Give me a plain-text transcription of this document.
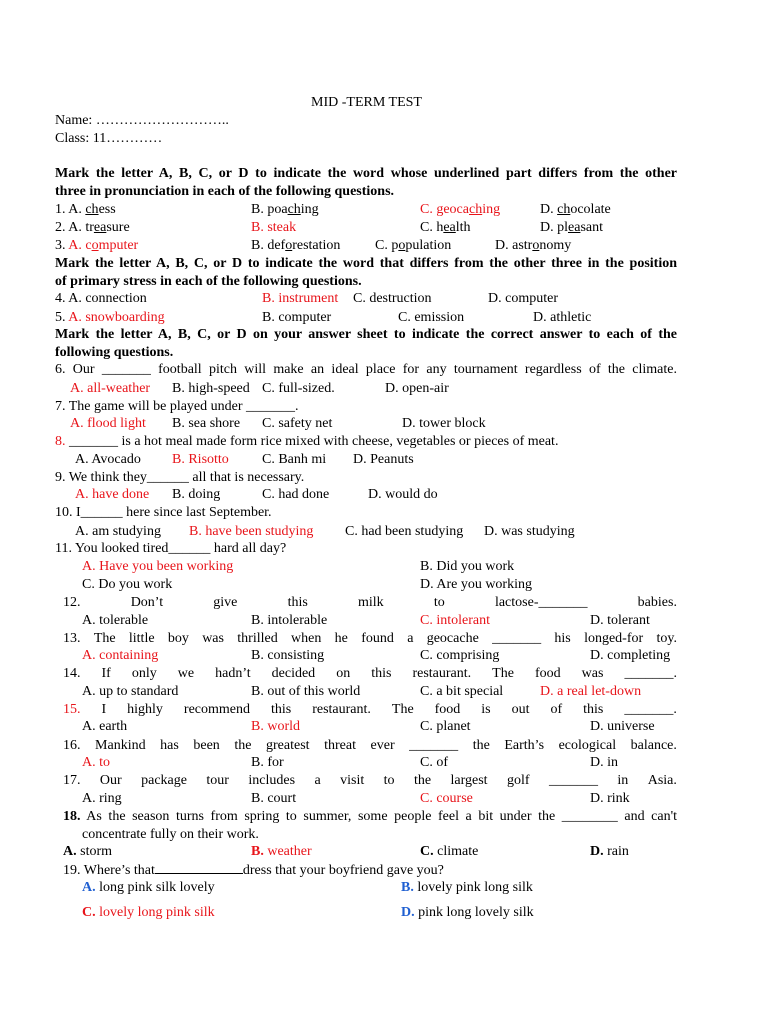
MID -TERM TEST
Name: ………………………..
Class: 11…………
Mark the letter A, B, C, or D to indicate the word whose underlined part differs from the other
three in pronunciation in each of the following questions.
1. A. chess	B. poaching	C. geocaching	D. chocolate
2. A. treasure	B. steak	C. health	D. pleasant
3. A. computer	B. deforestation C. population	D. astronomy
Mark the letter A, B, C, or D to indicate the word that differs from the other three in the position
of primary stress in each of the following questions.
4. A. connection	B. instrument C. destruction	D. computer
5. A. snowboarding	B. computer	C. emission	D. athletic
Mark the letter A, B, C, or D on your answer sheet to indicate the correct answer to each of the
following questions.
6. Our _______ football pitch will make an ideal place for any tournament regardless of the climate.
A. all-weather B. high-speed C. full-sized.	D. open-air
7. The game will be played under _______.
A. flood light B. sea shore C. safety net	D. tower block
8. _______ is a hot meal made form rice mixed with cheese, vegetables or pieces of meat.
A. Avocado B. Risotto C. Banh mi D. Peanuts
9. We think they______ all that is necessary.
A. have done B. doing	C. had done	D. would do
10. I______ here since last September.
A. am studying B. have been studying C. had been studying D. was studying
11. You looked tired______ hard all day?
A. Have you been working	B. Did you work
C. Do you work	D. Are you working
12.	Don’t	give	this	milk	to	lactose-_______	babies.
A. tolerable	B. intolerable	C. intolerant	D. tolerant
13. The little boy was thrilled when he found a geocache _______ his longed-for toy.
A. containing	B. consisting	C. comprising	D. completing
14. If only we hadn’t decided on this restaurant. The food was _______.
A. up to standard	B. out of this world	C. a bit special	D. a real let-down
15. I highly recommend this restaurant. The food is out of this _______.
A. earth	B. world	C. planet	D. universe
16. Mankind has been the greatest threat ever _______ the Earth’s ecological balance.
A. to	B. for	C. of	D. in
17. Our package tour includes a visit to the largest golf _______ in Asia.
A. ring	B. court	C. course	D. rink
18. As the season turns from spring to summer, some people feel a bit under the ________ and can't
concentrate fully on their work.
A. storm	B. weather	C. climate	D. rain
19. Where’s that	dress that your boyfriend gave you?
A. long pink silk lovely	B. lovely pink long silk
C. lovely long pink silk	D. pink long lovely silk
